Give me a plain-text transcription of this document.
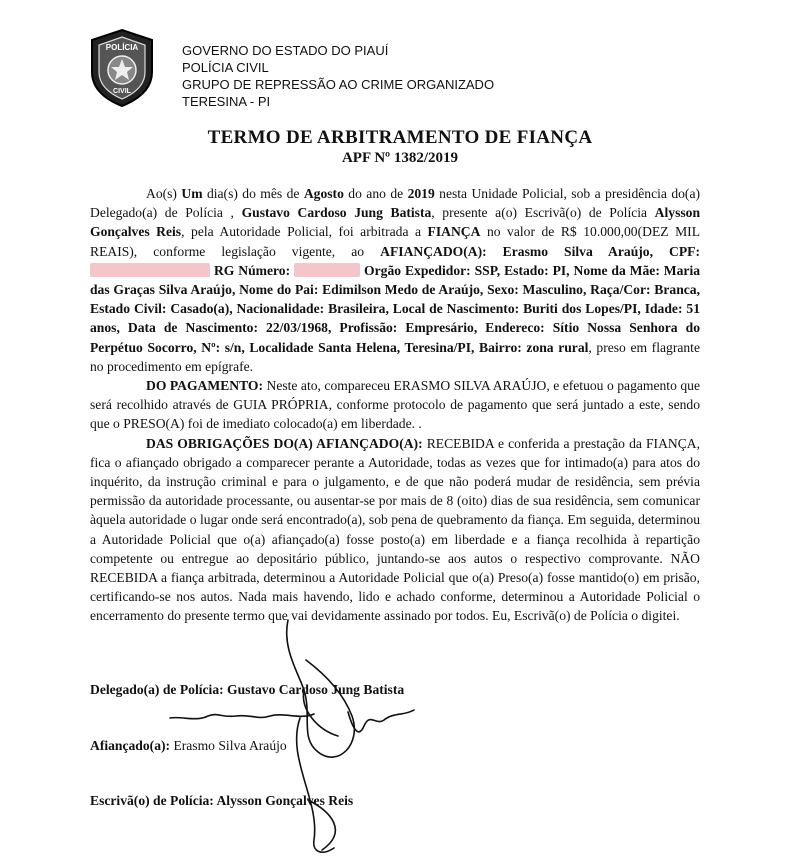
POLÍCIA
CIVIL
GOVERNO DO ESTADO DO PIAUÍ
POLÍCIA CIVIL
GRUPO DE REPRESSÃO AO CRIME ORGANIZADO
TERESINA - PI
TERMO DE ARBITRAMENTO DE FIANÇA
APF Nº 1382/2019

Ao(s) Um dia(s) do mês de Agosto do ano de 2019 nesta Unidade Policial, sob a presidência do(a) Delegado(a) de Polícia , Gustavo Cardoso Jung Batista, presente a(o) Escrivã(o) de Polícia Alysson Gonçalves Reis, pela Autoridade Policial, foi arbitrada a FIANÇA no valor de R$ 10.000,00(DEZ MIL REAIS), conforme legislação vigente, ao AFIANÇADO(A): Erasmo Silva Araújo, CPF: RG Número:	Orgão Expedidor: SSP, Estado: PI, Nome da Mãe: Maria das Graças Silva Araújo, Nome do Pai: Edimilson Medo de Araújo, Sexo: Masculino, Raça/Cor: Branca, Estado Civil: Casado(a), Nacionalidade: Brasileira, Local de Nascimento: Buriti dos Lopes/PI, Idade: 51 anos, Data de Nascimento: 22/03/1968, Profissão: Empresário, Endereco: Sítio Nossa Senhora do Perpétuo Socorro, Nº: s/n, Localidade Santa Helena, Teresina/PI, Bairro: zona rural, preso em flagrante no procedimento em epígrafe.

DO PAGAMENTO: Neste ato, compareceu ERASMO SILVA ARAÚJO, e efetuou o pagamento que será recolhido através de GUIA PRÓPRIA, conforme protocolo de pagamento que será juntado a este, sendo que o PRESO(A) foi de imediato colocado(a) em liberdade. .

DAS OBRIGAÇÕES DO(A) AFIANÇADO(A): RECEBIDA e conferida a prestação da FIANÇA, fica o afiançado obrigado a comparecer perante a Autoridade, todas as vezes que for intimado(a) para atos do inquérito, da instrução criminal e para o julgamento, e de que não poderá mudar de residência, sem prévia permissão da autoridade processante, ou ausentar-se por mais de 8 (oito) dias de sua residência, sem comunicar àquela autoridade o lugar onde será encontrado(a), sob pena de quebramento da fiança. Em seguida, determinou a Autoridade Policial que o(a) afiançado(a) fosse posto(a) em liberdade e a fiança recolhida à repartição competente ou entregue ao depositário público, juntando-se aos autos o respectivo comprovante. NÃO RECEBIDA a fiança arbitrada, determinou a Autoridade Policial que o(a) Preso(a) fosse mantido(o) em prisão, certificando-se nos autos. Nada mais havendo, lido e achado conforme, determinou a Autoridade Policial o encerramento do presente termo que vai devidamente assinado por todos. Eu, Escrivã(o) de Polícia o digitei.

Delegado(a) de Polícia: Gustavo Cardoso Jung Batista
Afiançado(a): Erasmo Silva Araújo
Escrivã(o) de Polícia: Alysson Gonçalves Reis
